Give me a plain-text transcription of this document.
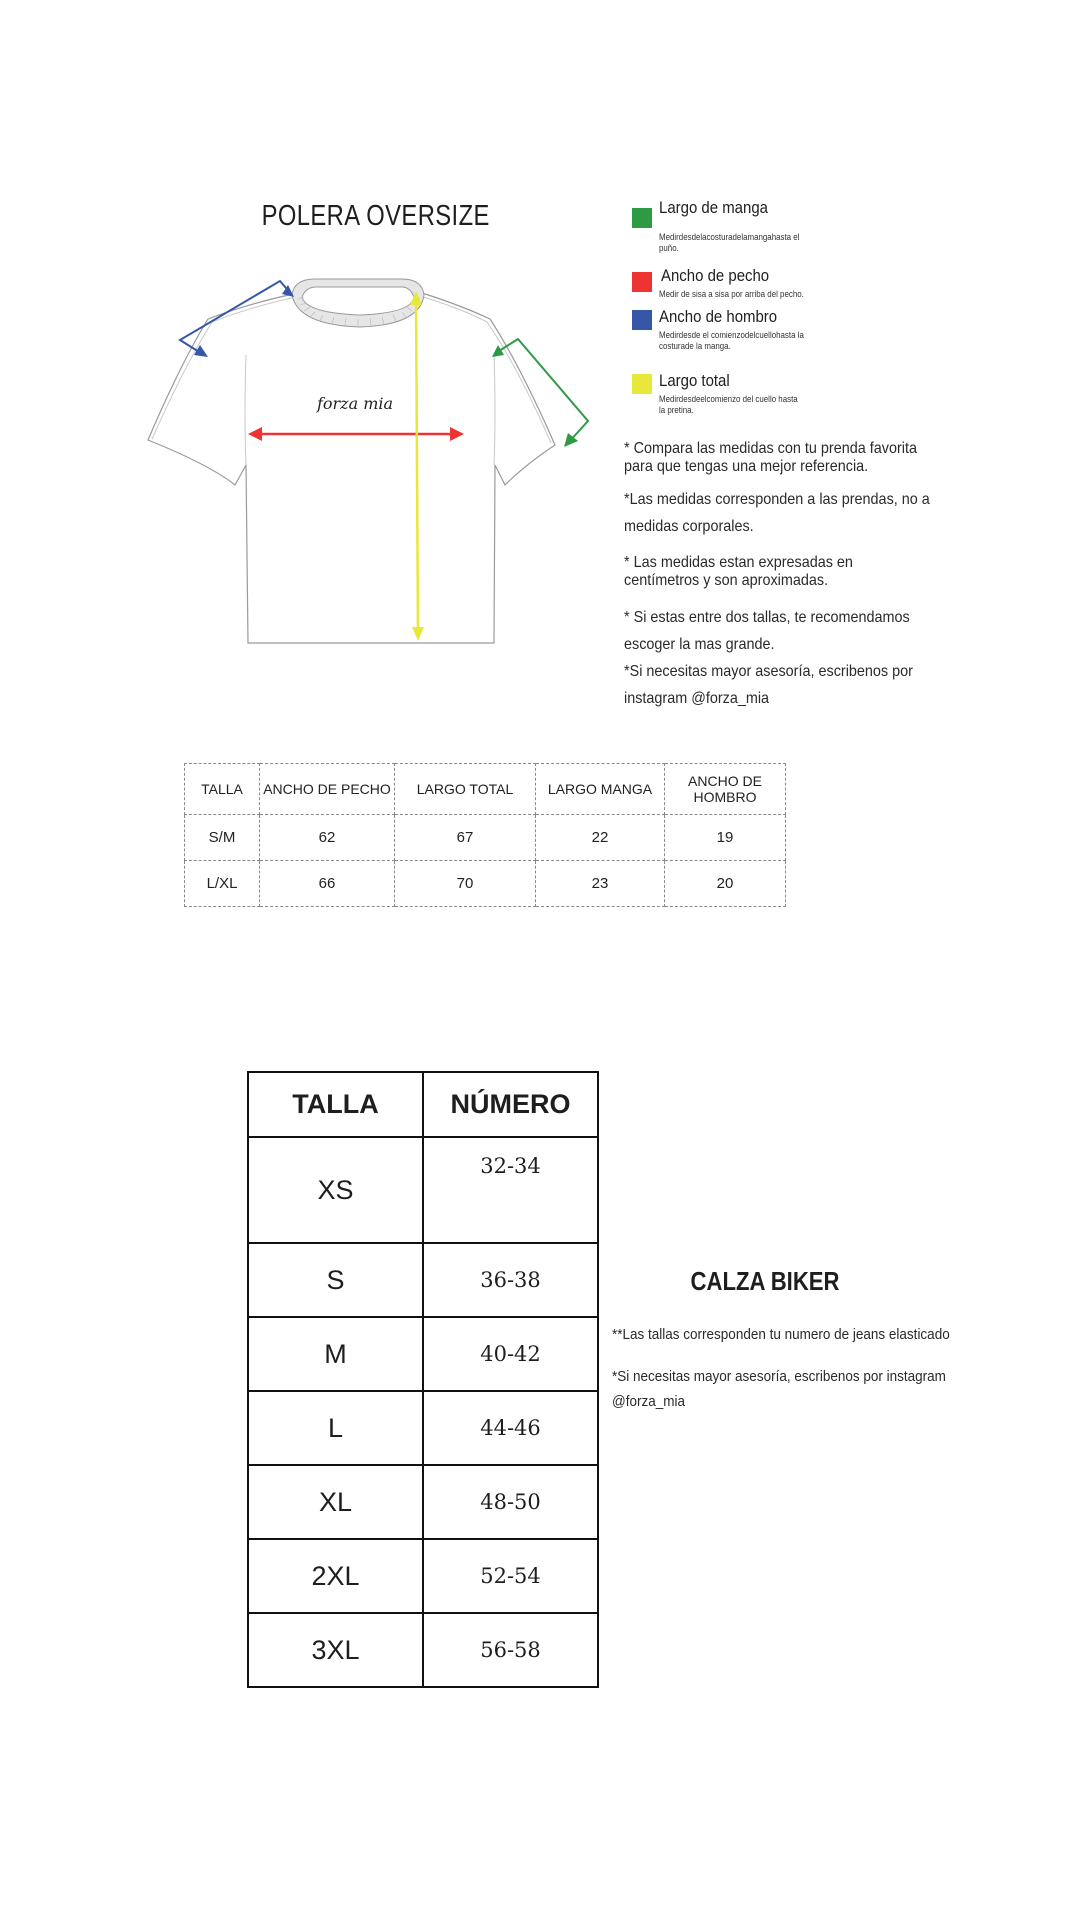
POLERA OVERSIZE
forza mia
Largo de manga
Medirdesdelacosturadelamangahasta el puño.
Ancho de pecho
Medir de sisa a sisa por arriba del pecho.
Ancho de hombro
Medirdesde el comienzodelcuellohasta la costurade la manga.
Largo total
Medirdesdeelcomienzo del cuello hasta la pretina.
* Compara las medidas con tu prenda favorita para que tengas una mejor referencia.
*Las medidas corresponden a las prendas, no a medidas corporales.
* Las medidas estan expresadas en centímetros y son aproximadas.
* Si estas entre dos tallas, te recomendamos escoger la mas grande.
*Si necesitas mayor asesoría, escribenos por instagram @forza_mia
TALLA	ANCHO DE PECHO	LARGO TOTAL	LARGO MANGA	ANCHO DE HOMBRO
S/M	62	67	22	19
L/XL	66	70	23	20
TALLA	NÚMERO
XS	32-34
S	36-38
M	40-42
L	44-46
XL	48-50
2XL	52-54
3XL	56-58
CALZA BIKER
**Las tallas corresponden tu numero de jeans elasticado
*Si necesitas mayor asesoría, escribenos por instagram @forza_mia
